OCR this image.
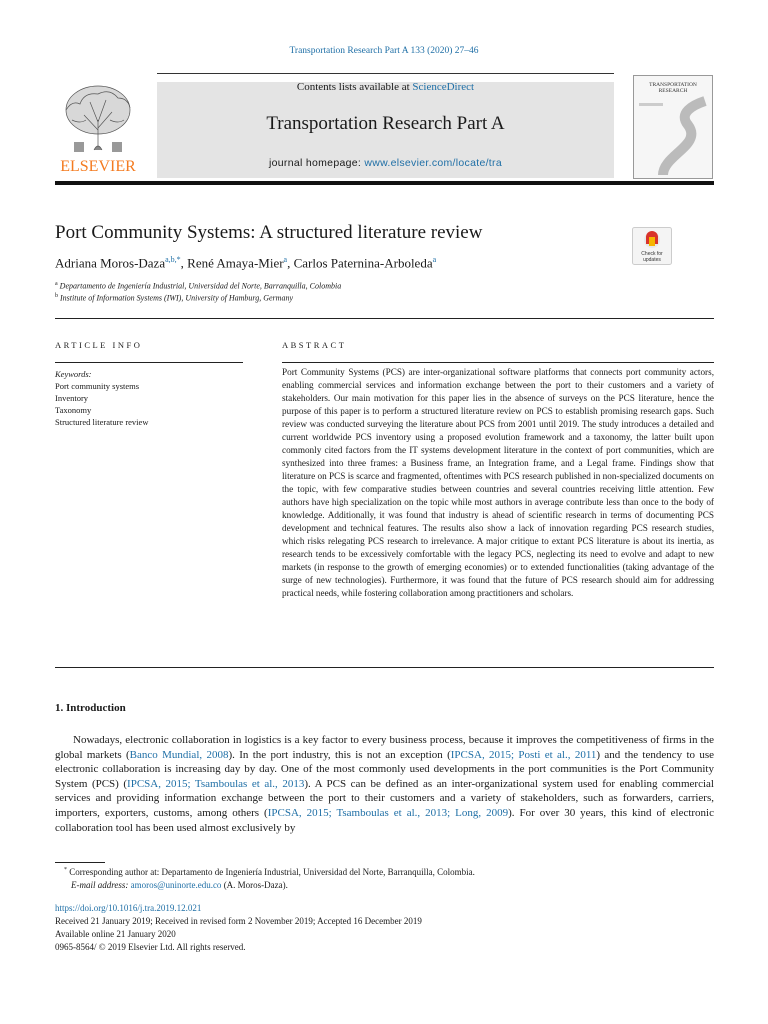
Transportation Research Part A 133 (2020) 27–46
Contents lists available at ScienceDirect
Transportation Research Part A
journal homepage: www.elsevier.com/locate/tra
ELSEVIER
TRANSPORTATION
RESEARCH
Port Community Systems: A structured literature review
Check for
updates
Adriana Moros-Daza$^{a,b,*}$, René Amaya-Mier$^a$, Carlos Paternina-Arboleda$^a$
$^a$ Departamento de Ingeniería Industrial, Universidad del Norte, Barranquilla, Colombia
$^b$ Institute of Information Systems (IWI), University of Hamburg, Germany
ARTICLE INFO	ABSTRACT
Keywords:
Port community systems
Inventory
Taxonomy
Structured literature review
Port Community Systems (PCS) are inter-organizational software platforms that connects port community actors, enabling commercial services and information exchange between the port to their customers and a variety of stakeholders. Our main motivation for this paper lies in the absence of surveys on the PCS literature, hence the purpose of this paper is to perform a structured literature review on PCS to establish promising research gaps. Such review was conducted surveying the literature about PCS from 2001 until 2019. The study introduces a detailed and current worldwide PCS inventory using a proposed evolution framework and a taxonomy, the latter built upon commonly cited factors from the IT systems development literature in the context of port communities, which are synthesized into three frames: a Business frame, an Integration frame, and a Legal frame. Findings show that literature on PCS is scarce and fragmented, oftentimes with PCS research published in non-specialized documents on the topic, with few comparative studies between countries and several countries receiving little attention. Few authors have high specialization on the topic while most authors in average contribute less than once to the body of knowledge. Additionally, it was found that industry is ahead of scientific research in terms of documenting PCS development and technical features. The results also show a lack of innovation regarding PCS research studies, which risks relegating PCS research to irrelevance. A major critique to extant PCS literature is about its inertia, as research tends to be excessively comfortable with the legacy PCS, neglecting its need to evolve and adapt to new markets (in response to the growth of emerging economies) or to extended functionalities (taking advantage of the surge of new technologies). Furthermore, it was found that the future of PCS research should aim for addressing practical needs, while fostering collaboration among practitioners and scholars.
1. Introduction
Nowadays, electronic collaboration in logistics is a key factor to every business process, because it improves the competitiveness of firms in the global markets (Banco Mundial, 2008). In the port industry, this is not an exception (IPCSA, 2015; Posti et al., 2011) and the tendency to use electronic collaboration is increasing day by day. One of the most commonly used developments in the port communities is the Port Community System (PCS) (IPCSA, 2015; Tsamboulas et al., 2013). A PCS can be defined as an inter-organizational system used for enabling commercial services and providing information exchange between the port to their customers and a variety of stakeholders, such as forwarders, carriers, importers, exporters, customs, among others (IPCSA, 2015; Tsamboulas et al., 2013; Long, 2009). For over 30 years, this kind of electronic collaboration tool has been used almost exclusively by
* Corresponding author at: Departamento de Ingeniería Industrial, Universidad del Norte, Barranquilla, Colombia.
E-mail address: amoros@uninorte.edu.co (A. Moros-Daza).
https://doi.org/10.1016/j.tra.2019.12.021
Received 21 January 2019; Received in revised form 2 November 2019; Accepted 16 December 2019
Available online 21 January 2020
0965-8564/ © 2019 Elsevier Ltd. All rights reserved.
